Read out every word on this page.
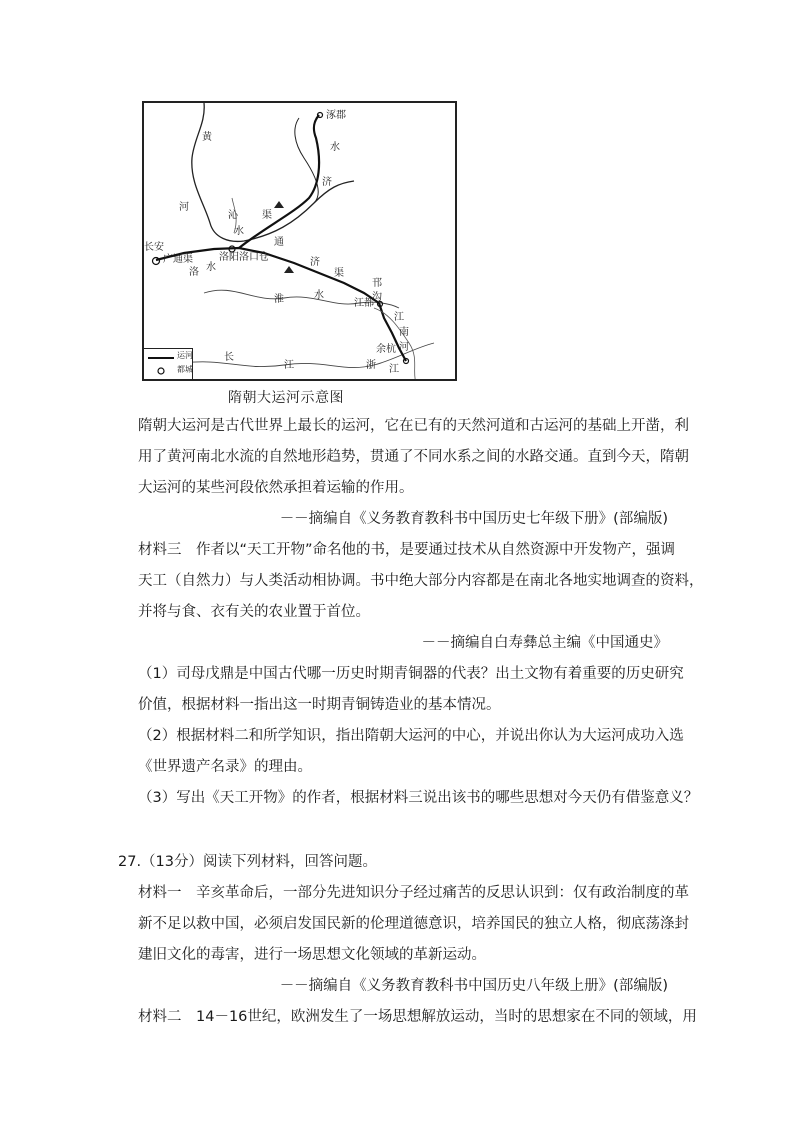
涿郡
黄
河
水
济
沁
水
渠
通
长安
广通渠
洛 水
洛阳洛口仓	济
渠
淮	水
邗
沟
江都
江
南
河
余杭
浙 江
长
江
运河
都城
隋朝大运河示意图
隋朝大运河是古代世界上最长的运河，它在已有的天然河道和古运河的基础上开凿，利
用了黄河南北水流的自然地形趋势，贯通了不同水系之间的水路交通。直到今天，隋朝
大运河的某些河段依然承担着运输的作用。
－－摘编自《义务教育教科书中国历史七年级下册》(部编版)
材料三　作者以“天工开物”命名他的书，是要通过技术从自然资源中开发物产，强调
天工（自然力）与人类活动相协调。书中绝大部分内容都是在南北各地实地调查的资料，
并将与食、衣有关的农业置于首位。
－－摘编自白寿彝总主编《中国通史》
（1）司母戊鼎是中国古代哪一历史时期青铜器的代表？出土文物有着重要的历史研究
价值，根据材料一指出这一时期青铜铸造业的基本情况。
（2）根据材料二和所学知识，指出隋朝大运河的中心，并说出你认为大运河成功入选
《世界遗产名录》的理由。
（3）写出《天工开物》的作者，根据材料三说出该书的哪些思想对今天仍有借鉴意义？
27.（13分）阅读下列材料，回答问题。
材料一　辛亥革命后，一部分先进知识分子经过痛苦的反思认识到：仅有政治制度的革
新不足以救中国，必须启发国民新的伦理道德意识，培养国民的独立人格，彻底荡涤封
建旧文化的毒害，进行一场思想文化领域的革新运动。
－－摘编自《义务教育教科书中国历史八年级上册》(部编版)
材料二　14－16世纪，欧洲发生了一场思想解放运动，当时的思想家在不同的领域，用
